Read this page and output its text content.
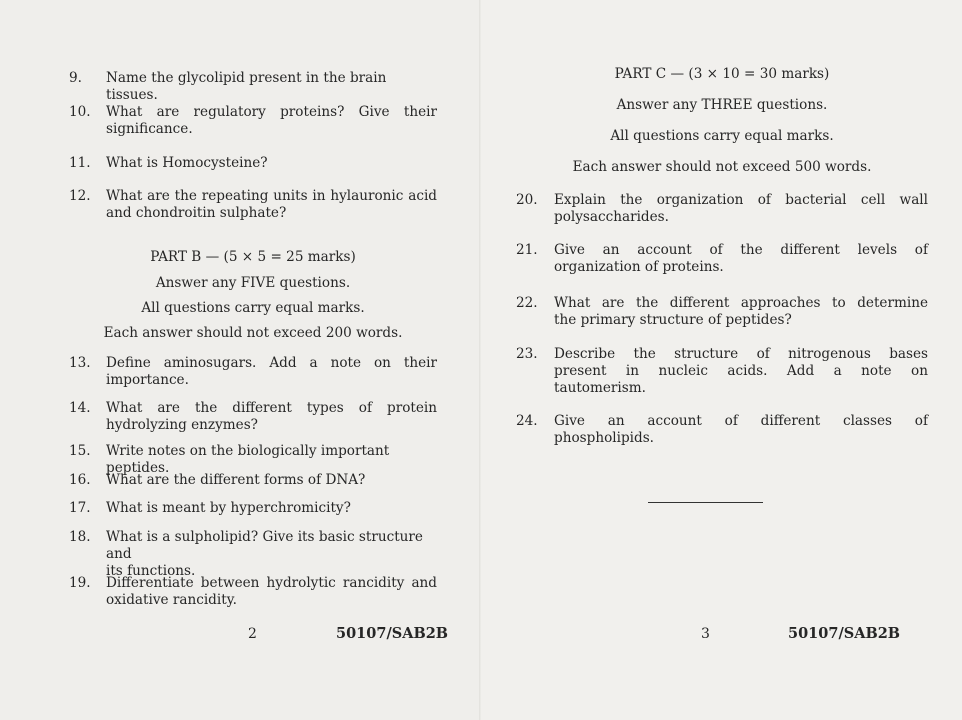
9. Name the glycolipid present in the brain tissues.
10. What are regulatory proteins? Give their
significance.
11. What is Homocysteine?
12. What are the repeating units in hylauronic acid
and chondroitin sulphate?
PART B — (5 × 5 = 25 marks)
Answer any FIVE questions.
All questions carry equal marks.
Each answer should not exceed 200 words.
13. Define aminosugars. Add a note on their
importance.
14. What are the different types of protein
hydrolyzing enzymes?
15. Write notes on the biologically important peptides.
16. What are the different forms of DNA?
17. What is meant by hyperchromicity?
18. What is a sulpholipid? Give its basic structure and
its functions.
19. Differentiate between hydrolytic rancidity and
oxidative rancidity.
2	50107/SAB2B
PART C — (3 × 10 = 30 marks)
Answer any THREE questions.
All questions carry equal marks.
Each answer should not exceed 500 words.
20. Explain the organization of bacterial cell wall
polysaccharides.
21. Give an account of the different levels of
organization of proteins.
22. What are the different approaches to determine
the primary structure of peptides?
23. Describe the structure of nitrogenous bases
present in nucleic acids. Add a note on
tautomerism.
24. Give an account of different classes of
phospholipids.
3	50107/SAB2B
